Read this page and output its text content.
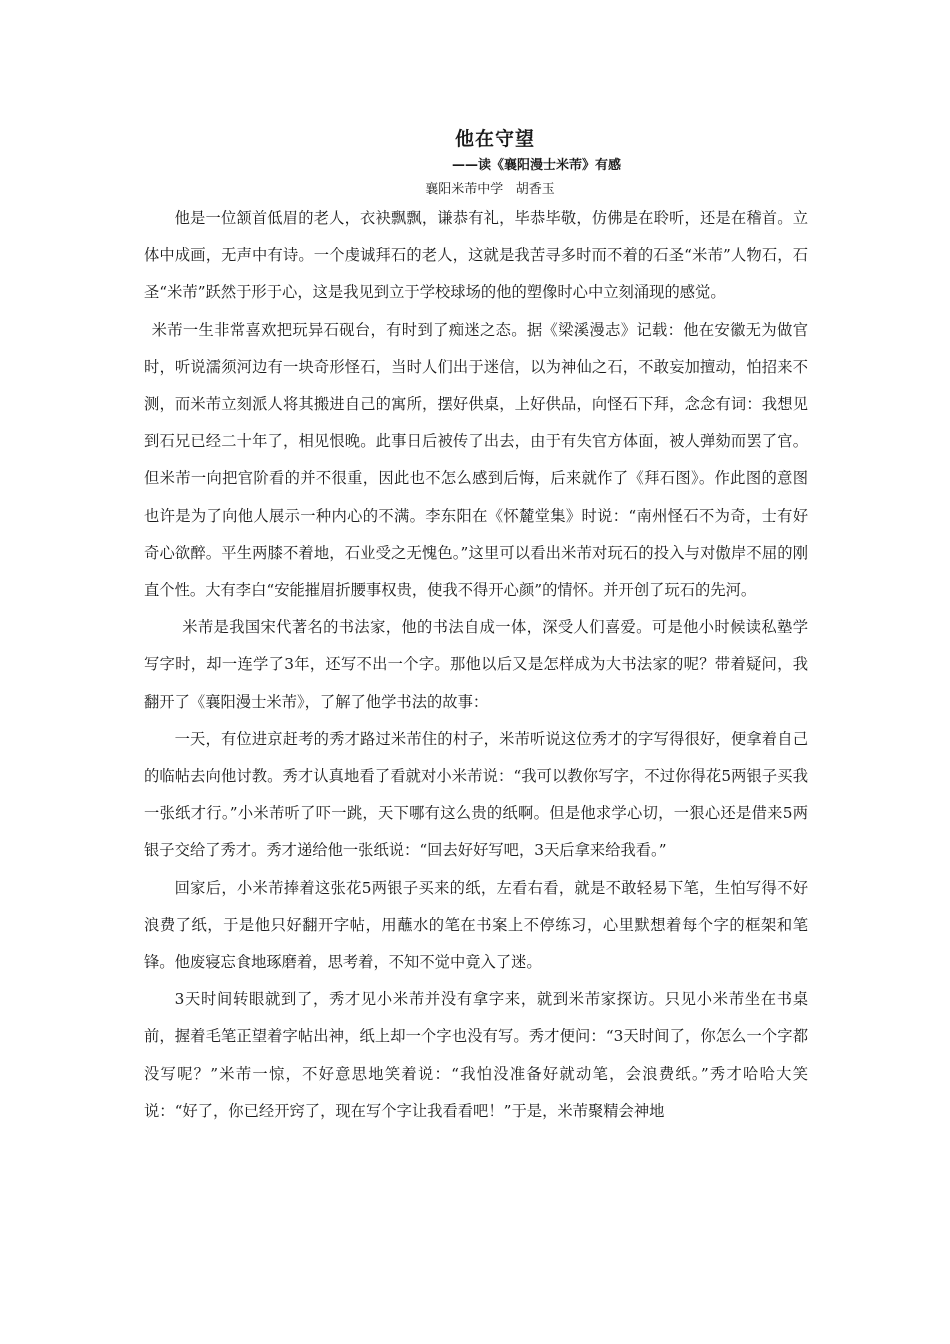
他在守望
——读《襄阳漫士米芾》有感

襄阳米芾中学   胡香玉

他是一位颔首低眉的老人，衣袂飘飘，谦恭有礼，毕恭毕敬，仿佛是在聆听，还是在稽首。立体中成画，无声中有诗。一个虔诚拜石的老人，这就是我苦寻多时而不着的石圣“米芾”人物石，石圣“米芾”跃然于形于心，这是我见到立于学校球场的他的塑像时心中立刻涌现的感觉。

米芾一生非常喜欢把玩异石砚台，有时到了痴迷之态。据《梁溪漫志》记载：他在安徽无为做官时，听说濡须河边有一块奇形怪石，当时人们出于迷信，以为神仙之石，不敢妄加擅动，怕招来不测，而米芾立刻派人将其搬进自己的寓所，摆好供桌，上好供品，向怪石下拜，念念有词：我想见到石兄已经二十年了，相见恨晚。此事日后被传了出去，由于有失官方体面，被人弹劾而罢了官。但米芾一向把官阶看的并不很重，因此也不怎么感到后悔，后来就作了《拜石图》。作此图的意图也许是为了向他人展示一种内心的不满。李东阳在《怀麓堂集》时说：“南州怪石不为奇，士有好奇心欲醉。平生两膝不着地，石业受之无愧色。”这里可以看出米芾对玩石的投入与对傲岸不屈的刚直个性。大有李白“安能摧眉折腰事权贵，使我不得开心颜”的情怀。并开创了玩石的先河。

米芾是我国宋代著名的书法家，他的书法自成一体，深受人们喜爱。可是他小时候读私塾学写字时，却一连学了3年，还写不出一个字。那他以后又是怎样成为大书法家的呢？带着疑问，我翻开了《襄阳漫士米芾》，了解了他学书法的故事：

一天，有位进京赶考的秀才路过米芾住的村子，米芾听说这位秀才的字写得很好，便拿着自己的临帖去向他讨教。秀才认真地看了看就对小米芾说：“我可以教你写字，不过你得花5两银子买我一张纸才行。”小米芾听了吓一跳，天下哪有这么贵的纸啊。但是他求学心切，一狠心还是借来5两银子交给了秀才。秀才递给他一张纸说：“回去好好写吧，3天后拿来给我看。”

回家后，小米芾捧着这张花5两银子买来的纸，左看右看，就是不敢轻易下笔，生怕写得不好浪费了纸，于是他只好翻开字帖，用蘸水的笔在书案上不停练习，心里默想着每个字的框架和笔锋。他废寝忘食地琢磨着，思考着，不知不觉中竟入了迷。

3天时间转眼就到了，秀才见小米芾并没有拿字来，就到米芾家探访。只见小米芾坐在书桌前，握着毛笔正望着字帖出神，纸上却一个字也没有写。秀才便问：“3天时间了，你怎么一个字都没写呢？”米芾一惊，不好意思地笑着说：“我怕没准备好就动笔，会浪费纸。”秀才哈哈大笑说：“好了，你已经开窍了，现在写个字让我看看吧！”于是，米芾聚精会神地
